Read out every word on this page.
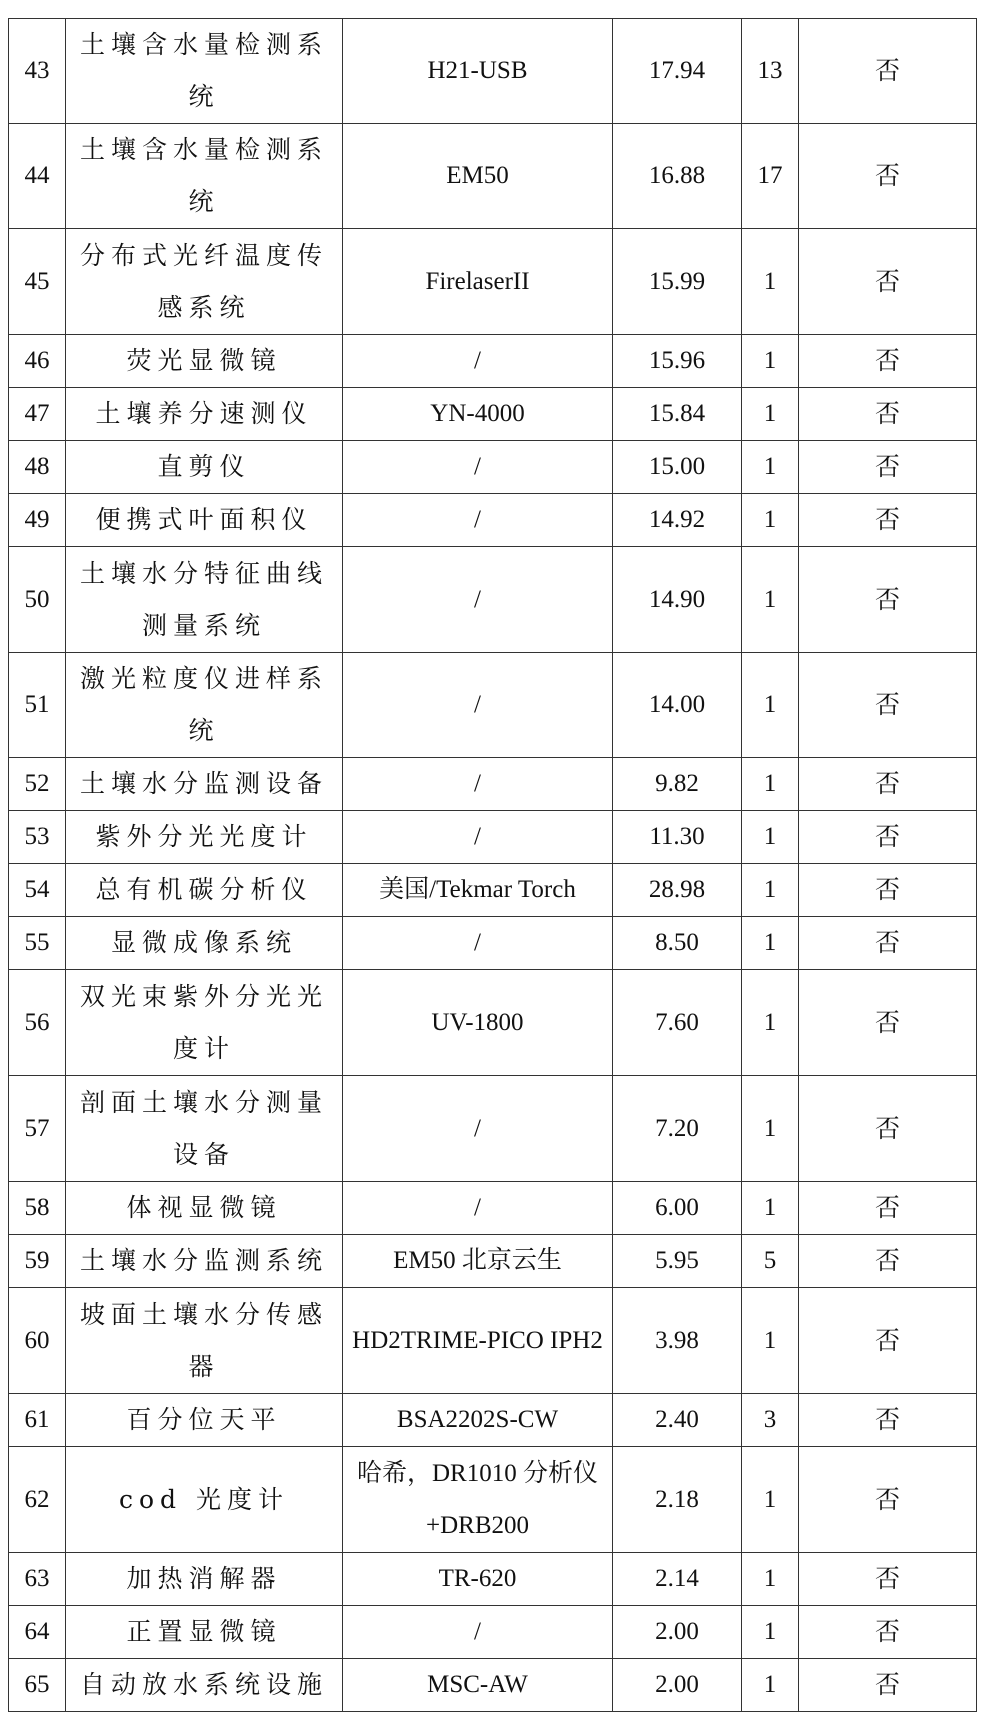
43	土壤含水量检测系统	H21-USB	17.94	13	否
44	土壤含水量检测系统	EM50	16.88	17	否
45	分布式光纤温度传感系统	FirelaserII	15.99	1	否
46	荧光显微镜	/	15.96	1	否
47	土壤养分速测仪	YN-4000	15.84	1	否
48	直剪仪	/	15.00	1	否
49	便携式叶面积仪	/	14.92	1	否
50	土壤水分特征曲线测量系统	/	14.90	1	否
51	激光粒度仪进样系统	/	14.00	1	否
52	土壤水分监测设备	/	9.82	1	否
53	紫外分光光度计	/	11.30	1	否
54	总有机碳分析仪	美国/Tekmar Torch	28.98	1	否
55	显微成像系统	/	8.50	1	否
56	双光束紫外分光光度计	UV-1800	7.60	1	否
57	剖面土壤水分测量设备	/	7.20	1	否
58	体视显微镜	/	6.00	1	否
59	土壤水分监测系统	EM50 北京云生	5.95	5	否
60	坡面土壤水分传感器	HD2TRIME-PICO IPH2	3.98	1	否
61	百分位天平	BSA2202S-CW	2.40	3	否
62	cod 光度计	哈希，DR1010 分析仪+DRB200	2.18	1	否
63	加热消解器	TR-620	2.14	1	否
64	正置显微镜	/	2.00	1	否
65	自动放水系统设施	MSC-AW	2.00	1	否
